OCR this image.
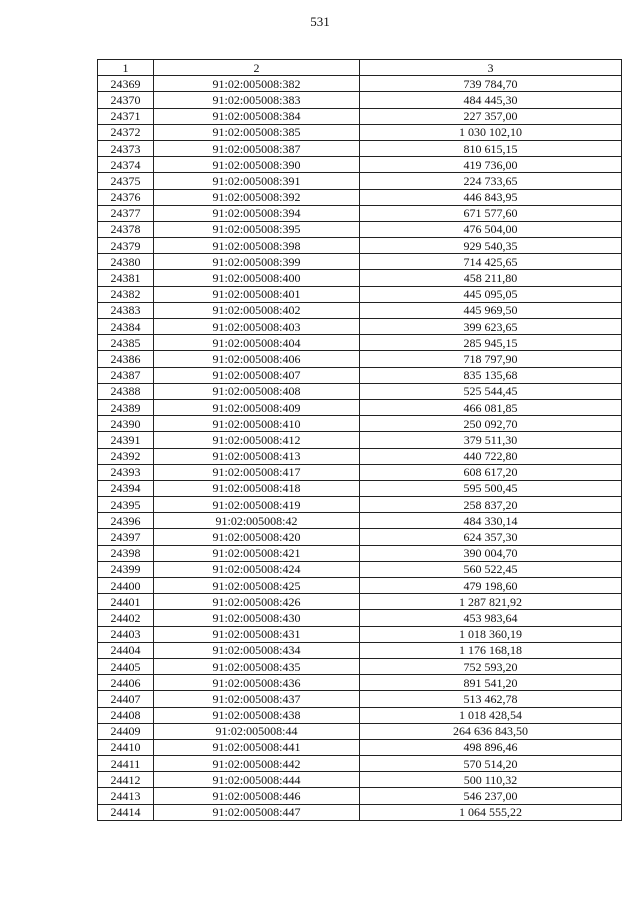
531
1	2	3
24369	91:02:005008:382	739 784,70
24370	91:02:005008:383	484 445,30
24371	91:02:005008:384	227 357,00
24372	91:02:005008:385	1 030 102,10
24373	91:02:005008:387	810 615,15
24374	91:02:005008:390	419 736,00
24375	91:02:005008:391	224 733,65
24376	91:02:005008:392	446 843,95
24377	91:02:005008:394	671 577,60
24378	91:02:005008:395	476 504,00
24379	91:02:005008:398	929 540,35
24380	91:02:005008:399	714 425,65
24381	91:02:005008:400	458 211,80
24382	91:02:005008:401	445 095,05
24383	91:02:005008:402	445 969,50
24384	91:02:005008:403	399 623,65
24385	91:02:005008:404	285 945,15
24386	91:02:005008:406	718 797,90
24387	91:02:005008:407	835 135,68
24388	91:02:005008:408	525 544,45
24389	91:02:005008:409	466 081,85
24390	91:02:005008:410	250 092,70
24391	91:02:005008:412	379 511,30
24392	91:02:005008:413	440 722,80
24393	91:02:005008:417	608 617,20
24394	91:02:005008:418	595 500,45
24395	91:02:005008:419	258 837,20
24396	91:02:005008:42	484 330,14
24397	91:02:005008:420	624 357,30
24398	91:02:005008:421	390 004,70
24399	91:02:005008:424	560 522,45
24400	91:02:005008:425	479 198,60
24401	91:02:005008:426	1 287 821,92
24402	91:02:005008:430	453 983,64
24403	91:02:005008:431	1 018 360,19
24404	91:02:005008:434	1 176 168,18
24405	91:02:005008:435	752 593,20
24406	91:02:005008:436	891 541,20
24407	91:02:005008:437	513 462,78
24408	91:02:005008:438	1 018 428,54
24409	91:02:005008:44	264 636 843,50
24410	91:02:005008:441	498 896,46
24411	91:02:005008:442	570 514,20
24412	91:02:005008:444	500 110,32
24413	91:02:005008:446	546 237,00
24414	91:02:005008:447	1 064 555,22
